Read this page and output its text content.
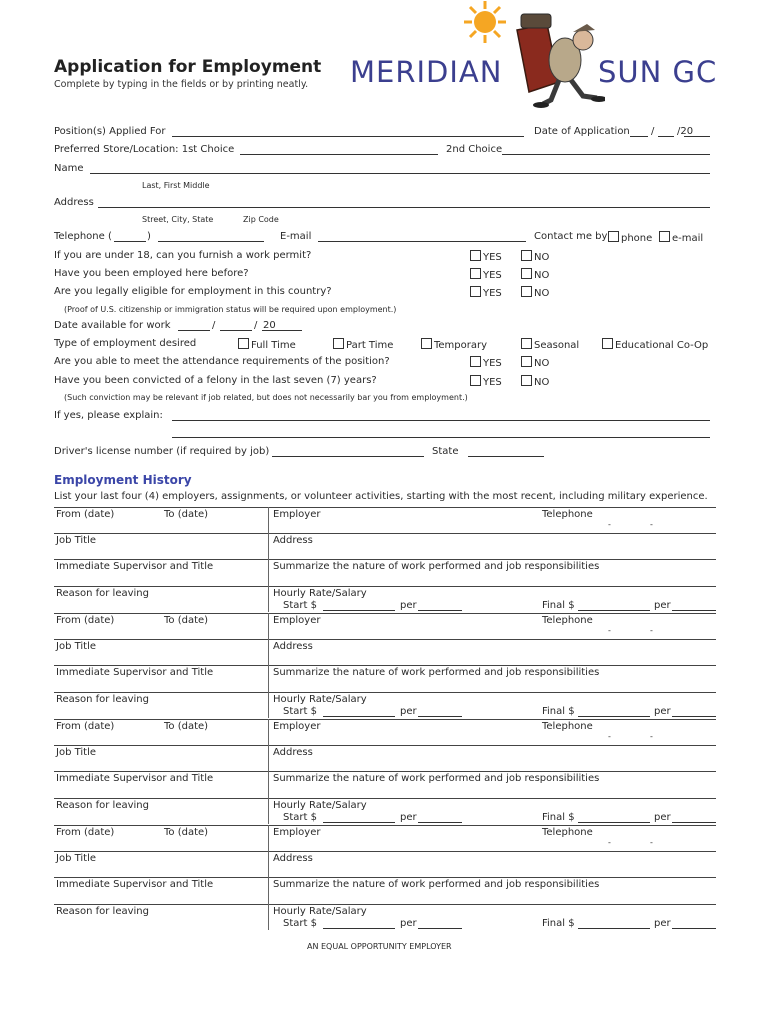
Application for Employment
Complete by typing in the fields or by printing neatly. MERIDIAN	SUN GC
Position(s) Applied For	Date of Application / /20
Preferred Store/Location: 1st Choice	2nd Choice
Name
Last, First Middle
Address
Street, City, State	Zip Code
Telephone (	)	E-mail	Contact me by	phone	e-mail
If you are under 18, can you furnish a work permit?	YES	NO
Have you been employed here before?	YES	NO
Are you legally eligible for employment in this country?	YES	NO
(Proof of U.S. citizenship or immigration status will be required upon employment.)
Date available for work	/	/ 20
Type of employment desired	Full Time	Part Time	Temporary	Seasonal	Educational Co-Op
Are you able to meet the attendance requirements of the position?	YES	NO
Have you been convicted of a felony in the last seven (7) years?	YES	NO
(Such conviction may be relevant if job related, but does not necessarily bar you from employment.)
If yes, please explain:
Driver's license number (if required by job)	State
Employment History
List your last four (4) employers, assignments, or volunteer activities, starting with the most recent, including military experience.
From (date)	To (date)	Employer	Telephone
-	-
Job Title	Address
Immediate Supervisor and Title	Summarize the nature of work performed and job responsibilities
Reason for leaving	Hourly Rate/Salary
Start $	per	Final $	per
From (date)	To (date)	Employer	Telephone
-	-
Job Title	Address
Immediate Supervisor and Title	Summarize the nature of work performed and job responsibilities
Reason for leaving	Hourly Rate/Salary
Start $	per	Final $	per
From (date)	To (date)	Employer	Telephone
-	-
Job Title	Address
Immediate Supervisor and Title	Summarize the nature of work performed and job responsibilities
Reason for leaving	Hourly Rate/Salary
Start $	per	Final $	per
From (date)	To (date)	Employer	Telephone
-	-
Job Title	Address
Immediate Supervisor and Title	Summarize the nature of work performed and job responsibilities
Reason for leaving	Hourly Rate/Salary
Start $	per	Final $	per
AN EQUAL OPPORTUNITY EMPLOYER
